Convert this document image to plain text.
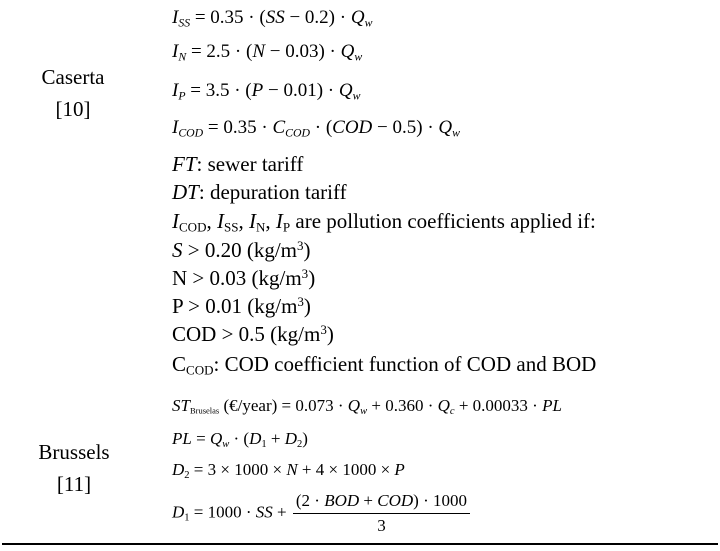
Caserta
[10]
$I_{SS} = 0.35 \cdot (SS - 0.2) \cdot Q_w$
$I_N = 2.5 \cdot (N - 0.03) \cdot Q_w$
$I_P = 3.5 \cdot (P - 0.01) \cdot Q_w$
$I_{COD} = 0.35 \cdot C_{COD} \cdot (COD - 0.5) \cdot Q_w$
FT: sewer tariff
DT: depuration tariff
$I_{COD}$, $I_{SS}$, $I_N$, $I_P$ are pollution coefficients applied if:
S > 0.20 $(kg/m^3)$
N > 0.03 $(kg/m^3)$
P > 0.01 $(kg/m^3)$
COD > 0.5 $(kg/m^3)$
$C_{COD}$: COD coefficient function of COD and BOD
Brussels
[11]
$ST_{Bruselas}$ (€/year) = $0.073 \cdot Q_w + 0.360 \cdot Q_c + 0.00033$ · PL
PL = $Q_w \cdot (D_1 + D_2)$
$D_2 = 3 \times 1000 \times N + 4 \times 1000 \times P$
$D_1 = 1000$ · SS + $\frac{\text{(2 · BOD + COD) · 1000}}{3}$
